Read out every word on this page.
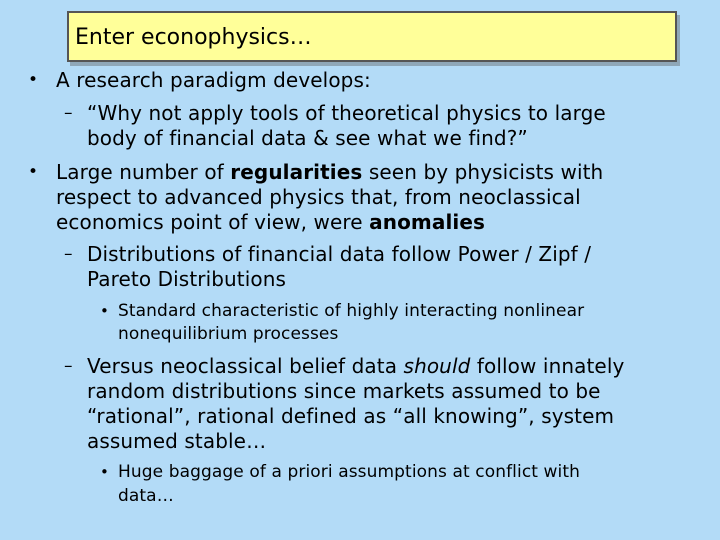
Enter econophysics…
• A research paradigm develops:
– “Why not apply tools of theoretical physics to large
body of financial data & see what we find?”
• Large number of regularities seen by physicists with
respect to advanced physics that, from neoclassical
economics point of view, were anomalies
– Distributions of financial data follow Power / Zipf /
Pareto Distributions
• Standard characteristic of highly interacting nonlinear
nonequilibrium processes
– Versus neoclassical belief data should follow innately
random distributions since markets assumed to be
“rational”, rational defined as “all knowing”, system
assumed stable…
• Huge baggage of a priori assumptions at conflict with
data…
